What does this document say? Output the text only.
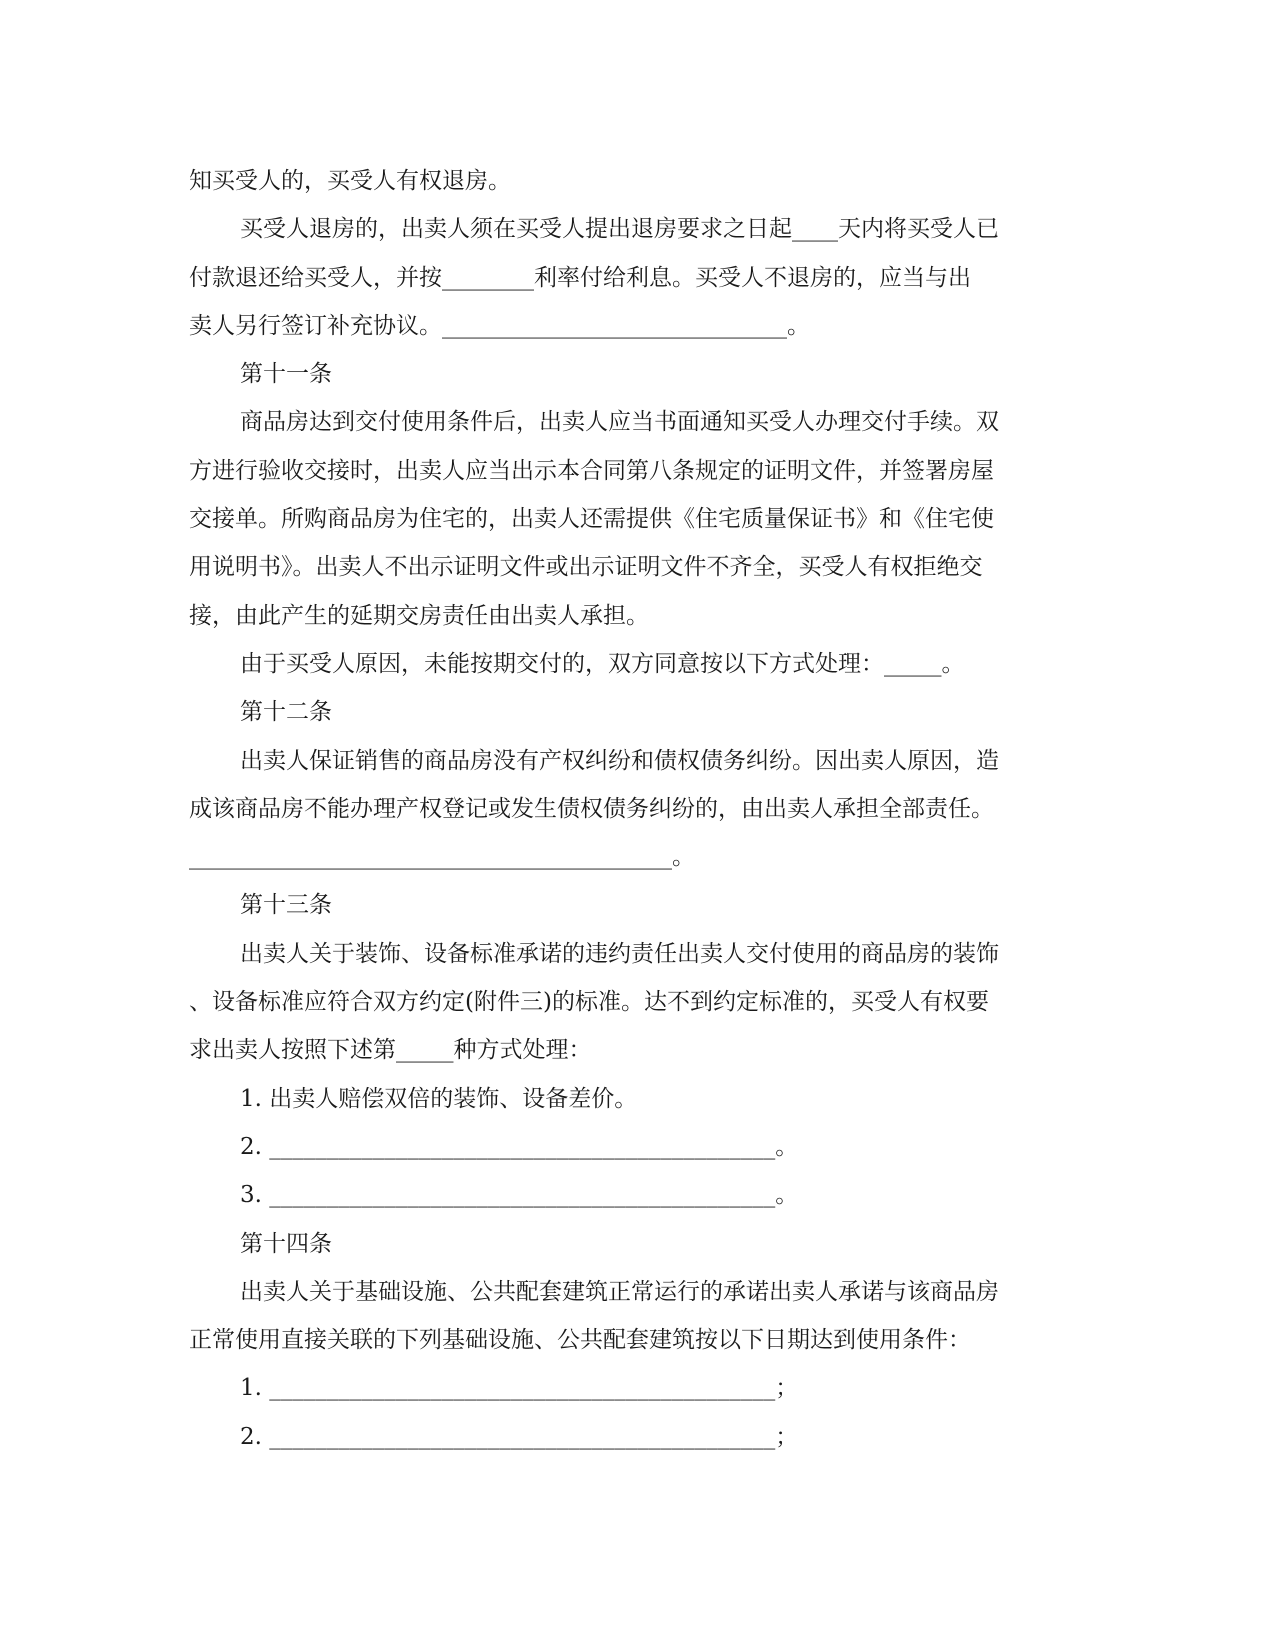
知买受人的，买受人有权退房。
买受人退房的，出卖人须在买受人提出退房要求之日起____天内将买受人已
付款退还给买受人，并按________利率付给利息。买受人不退房的，应当与出
卖人另行签订补充协议。______________________________。
第十一条
商品房达到交付使用条件后，出卖人应当书面通知买受人办理交付手续。双
方进行验收交接时，出卖人应当出示本合同第八条规定的证明文件，并签署房屋
交接单。所购商品房为住宅的，出卖人还需提供《住宅质量保证书》和《住宅使
用说明书》。出卖人不出示证明文件或出示证明文件不齐全，买受人有权拒绝交
接，由此产生的延期交房责任由出卖人承担。
由于买受人原因，未能按期交付的，双方同意按以下方式处理：_____。
第十二条
出卖人保证销售的商品房没有产权纠纷和债权债务纠纷。因出卖人原因，造
成该商品房不能办理产权登记或发生债权债务纠纷的，由出卖人承担全部责任。
__________________________________________。
第十三条
出卖人关于装饰、设备标准承诺的违约责任出卖人交付使用的商品房的装饰
、设备标准应符合双方约定(附件三)的标准。达不到约定标准的，买受人有权要
求出卖人按照下述第_____种方式处理：
1. 出卖人赔偿双倍的装饰、设备差价。
2. ____________________________________________。
3. ____________________________________________。
第十四条
出卖人关于基础设施、公共配套建筑正常运行的承诺出卖人承诺与该商品房
正常使用直接关联的下列基础设施、公共配套建筑按以下日期达到使用条件：
1. ____________________________________________；
2. ____________________________________________；
